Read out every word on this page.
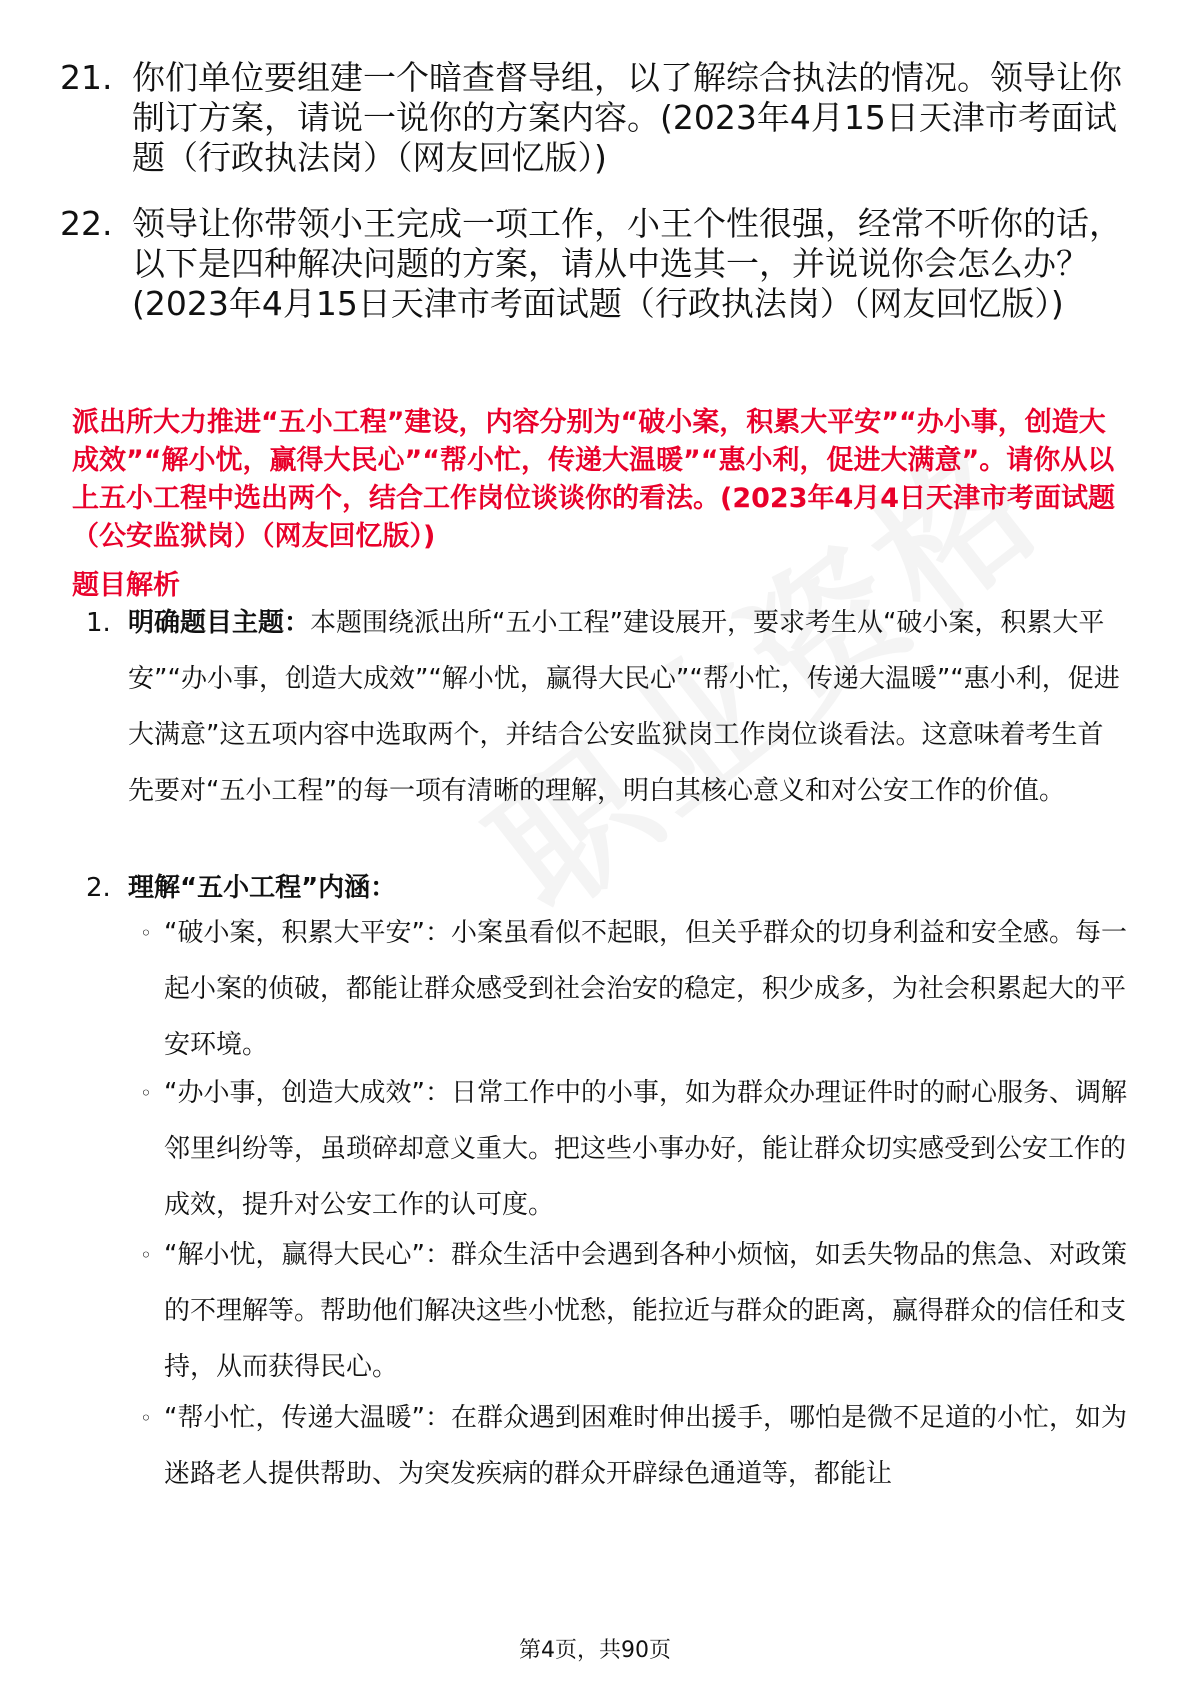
21. 你们单位要组建一个暗查督导组，以了解综合执法的情况。领导让你制订方案，请说一说你的方案内容。(2023年4月15日天津市考面试题（行政执法岗）（网友回忆版）)
22. 领导让你带领小王完成一项工作，小王个性很强，经常不听你的话，以下是四种解决问题的方案，请从中选其一，并说说你会怎么办？(2023年4月15日天津市考面试题（行政执法岗）（网友回忆版）)
派出所大力推进“五小工程”建设，内容分别为“破小案，积累大平安”“办小事，创造大成效”“解小忧，赢得大民心”“帮小忙，传递大温暖”“惠小利，促进大满意”。请你从以上五小工程中选出两个，结合工作岗位谈谈你的看法。(2023年4月4日天津市考面试题（公安监狱岗）（网友回忆版）)
题目解析
1. 明确题目主题：本题围绕派出所“五小工程”建设展开，要求考生从“破小案，积累大平安”“办小事，创造大成效”“解小忧，赢得大民心”“帮小忙，传递大温暖”“惠小利，促进大满意”这五项内容中选取两个，并结合公安监狱岗工作岗位谈看法。这意味着考生首先要对“五小工程”的每一项有清晰的理解，明白其核心意义和对公安工作的价值。
2. 理解“五小工程”内涵：
◦ “破小案，积累大平安”：小案虽看似不起眼，但关乎群众的切身利益和安全感。每一起小案的侦破，都能让群众感受到社会治安的稳定，积少成多，为社会积累起大的平安环境。
◦ “办小事，创造大成效”：日常工作中的小事，如为群众办理证件时的耐心服务、调解邻里纠纷等，虽琐碎却意义重大。把这些小事办好，能让群众切实感受到公安工作的成效，提升对公安工作的认可度。
◦ “解小忧，赢得大民心”：群众生活中会遇到各种小烦恼，如丢失物品的焦急、对政策的不理解等。帮助他们解决这些小忧愁，能拉近与群众的距离，赢得群众的信任和支持，从而获得民心。
◦ “帮小忙，传递大温暖”：在群众遇到困难时伸出援手，哪怕是微不足道的小忙，如为迷路老人提供帮助、为突发疾病的群众开辟绿色通道等，都能让
第4页，共90页
